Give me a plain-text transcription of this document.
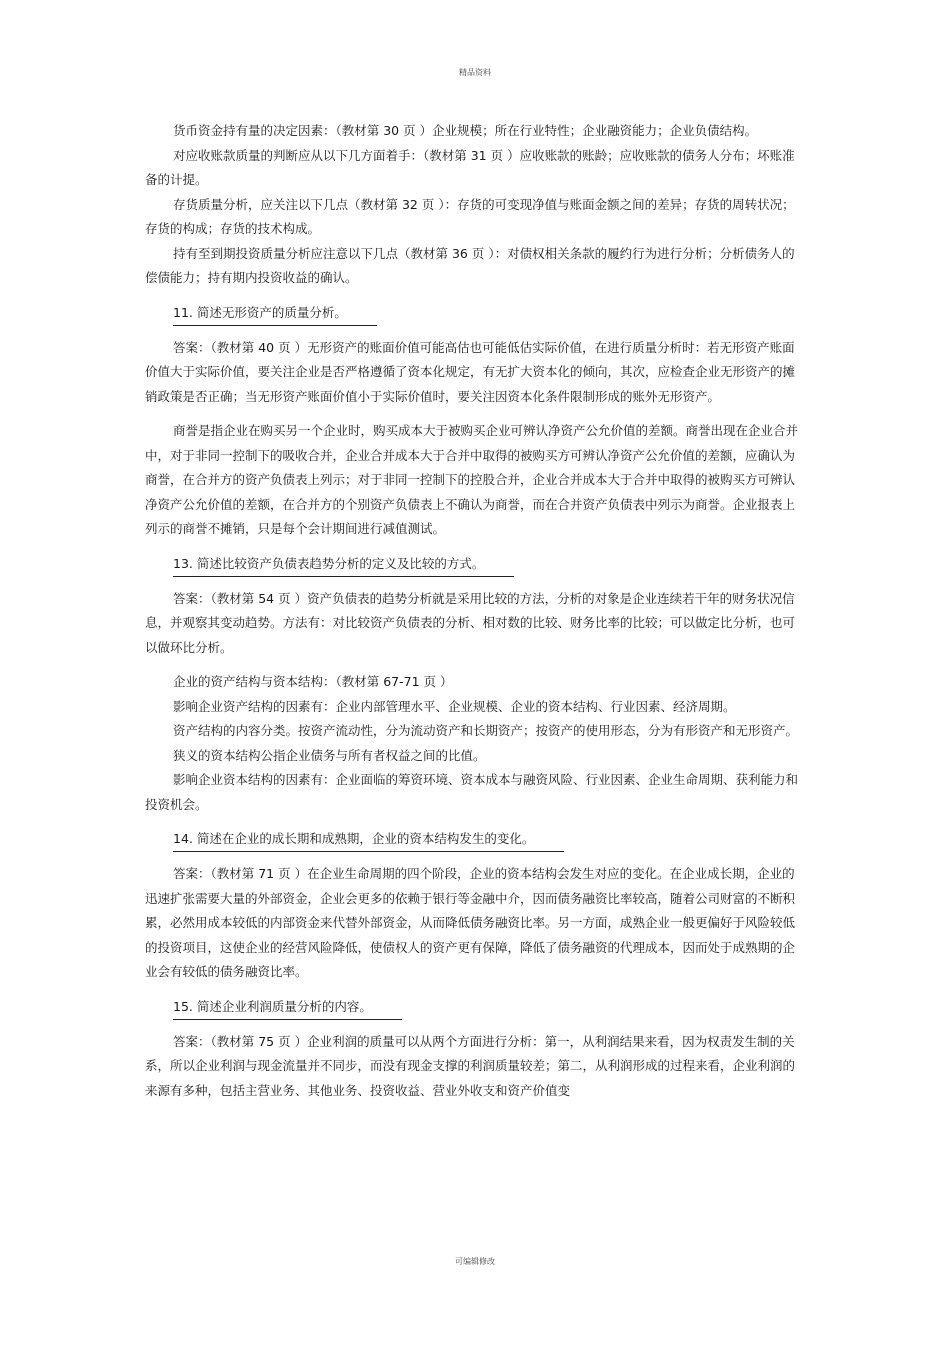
精品资料

货币资金持有量的决定因素：（教材第 30 页 ）企业规模；所在行业特性；企业融资能力；企业负债结构。

对应收账款质量的判断应从以下几方面着手：（教材第 31 页 ）应收账款的账龄；应收账款的债务人分布；坏账准备的计提。

存货质量分析，应关注以下几点（教材第 32 页 ）：存货的可变现净值与账面金额之间的差异；存货的周转状况；存货的构成；存货的技术构成。

持有至到期投资质量分析应注意以下几点（教材第 36 页 ）：对债权相关条款的履约行为进行分析；分析债务人的偿债能力；持有期内投资收益的确认。

11. 简述无形资产的质量分析。

答案：（教材第 40 页 ）无形资产的账面价值可能高估也可能低估实际价值，在进行质量分析时：若无形资产账面价值大于实际价值，要关注企业是否严格遵循了资本化规定，有无扩大资本化的倾向，其次，应检查企业无形资产的摊销政策是否正确；当无形资产账面价值小于实际价值时，要关注因资本化条件限制形成的账外无形资产。

商誉是指企业在购买另一个企业时，购买成本大于被购买企业可辨认净资产公允价值的差额。商誉出现在企业合并中，对于非同一控制下的吸收合并，企业合并成本大于合并中取得的被购买方可辨认净资产公允价值的差额，应确认为商誉，在合并方的资产负债表上列示；对于非同一控制下的控股合并，企业合并成本大于合并中取得的被购买方可辨认净资产公允价值的差额，在合并方的个别资产负债表上不确认为商誉，而在合并资产负债表中列示为商誉。企业报表上列示的商誉不摊销，只是每个会计期间进行减值测试。

13. 简述比较资产负债表趋势分析的定义及比较的方式。

答案：（教材第 54 页 ）资产负债表的趋势分析就是采用比较的方法，分析的对象是企业连续若干年的财务状况信息，并观察其变动趋势。方法有：对比较资产负债表的分析、相对数的比较、财务比率的比较；可以做定比分析，也可以做环比分析。

企业的资产结构与资本结构：（教材第 67-71 页 ）

影响企业资产结构的因素有：企业内部管理水平、企业规模、企业的资本结构、行业因素、经济周期。

资产结构的内容分类。按资产流动性，分为流动资产和长期资产；按资产的使用形态，分为有形资产和无形资产。

狭义的资本结构公指企业债务与所有者权益之间的比值。

影响企业资本结构的因素有：企业面临的筹资环境、资本成本与融资风险、行业因素、企业生命周期、获利能力和投资机会。

14. 简述在企业的成长期和成熟期，企业的资本结构发生的变化。

答案：（教材第 71 页 ）在企业生命周期的四个阶段，企业的资本结构会发生对应的变化。在企业成长期，企业的迅速扩张需要大量的外部资金，企业会更多的依赖于银行等金融中介，因而债务融资比率较高，随着公司财富的不断积累，必然用成本较低的内部资金来代替外部资金，从而降低债务融资比率。另一方面，成熟企业一般更偏好于风险较低的投资项目，这使企业的经营风险降低，使债权人的资产更有保障，降低了债务融资的代理成本，因而处于成熟期的企业会有较低的债务融资比率。

15. 简述企业利润质量分析的内容。

答案：（教材第 75 页 ）企业利润的质量可以从两个方面进行分析：第一，从利润结果来看，因为权责发生制的关系，所以企业利润与现金流量并不同步，而没有现金支撑的利润质量较差；第二，从利润形成的过程来看，企业利润的来源有多种，包括主营业务、其他业务、投资收益、营业外收支和资产价值变

可编辑修改
